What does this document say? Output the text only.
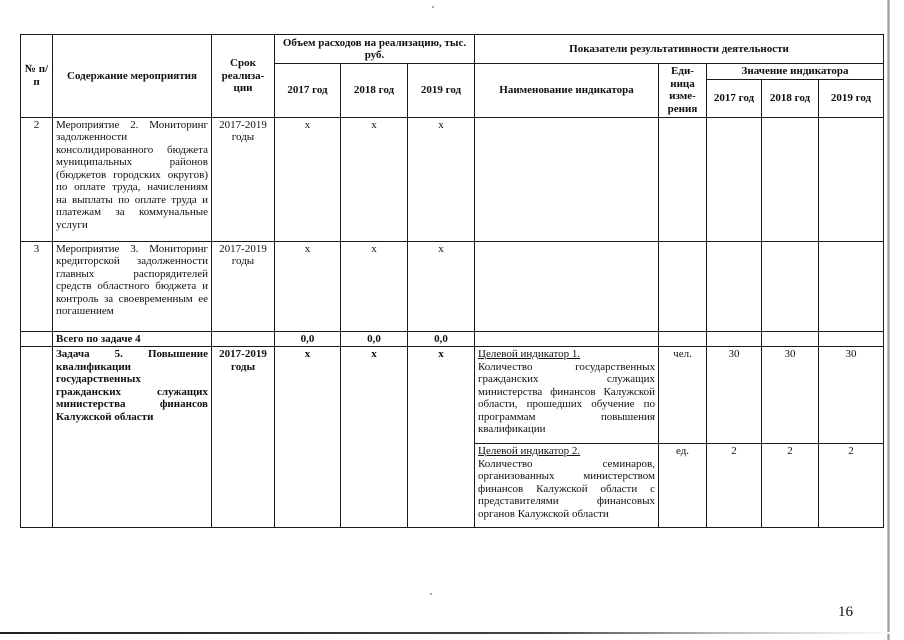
№ п/п	Содержание мероприятия	Срок реализа-ции	Объем расходов на реализацию, тыс. руб.			Показатели результативности деятельности				
			2017 год	2018 год	2019 год	Наименование индикатора	Еди-ница изме-рения	Значение индикатора		
								2017 год	2018 год	2019 год
2	Мероприятие 2. Мониторинг задолженности консолидированного бюджета муниципальных районов (бюджетов городских округов) по оплате труда, начислениям на выплаты по оплате труда и платежам за коммунальные услуги	2017-2019 годы	х	х	х					
3	Мероприятие 3. Мониторинг кредиторской задолженности главных распорядителей средств областного бюджета и контроль за своевременным ее погашением	2017-2019 годы	х	х	х					
	Всего по задаче 4		0,0	0,0	0,0					
	Задача 5. Повышение квалификации государственных гражданских служащих министерства финансов Калужской области	2017-2019 годы	х	х	х	Целевой индикатор 1.
Количество государственных гражданских служащих министерства финансов Калужской области, прошедших обучение по программам повышения квалификации	чел.	30	30	30
						Целевой индикатор 2.
Количество семинаров, организованных министерством финансов Калужской области с представителями финансовых органов Калужской области	ед.	2	2	2
16
